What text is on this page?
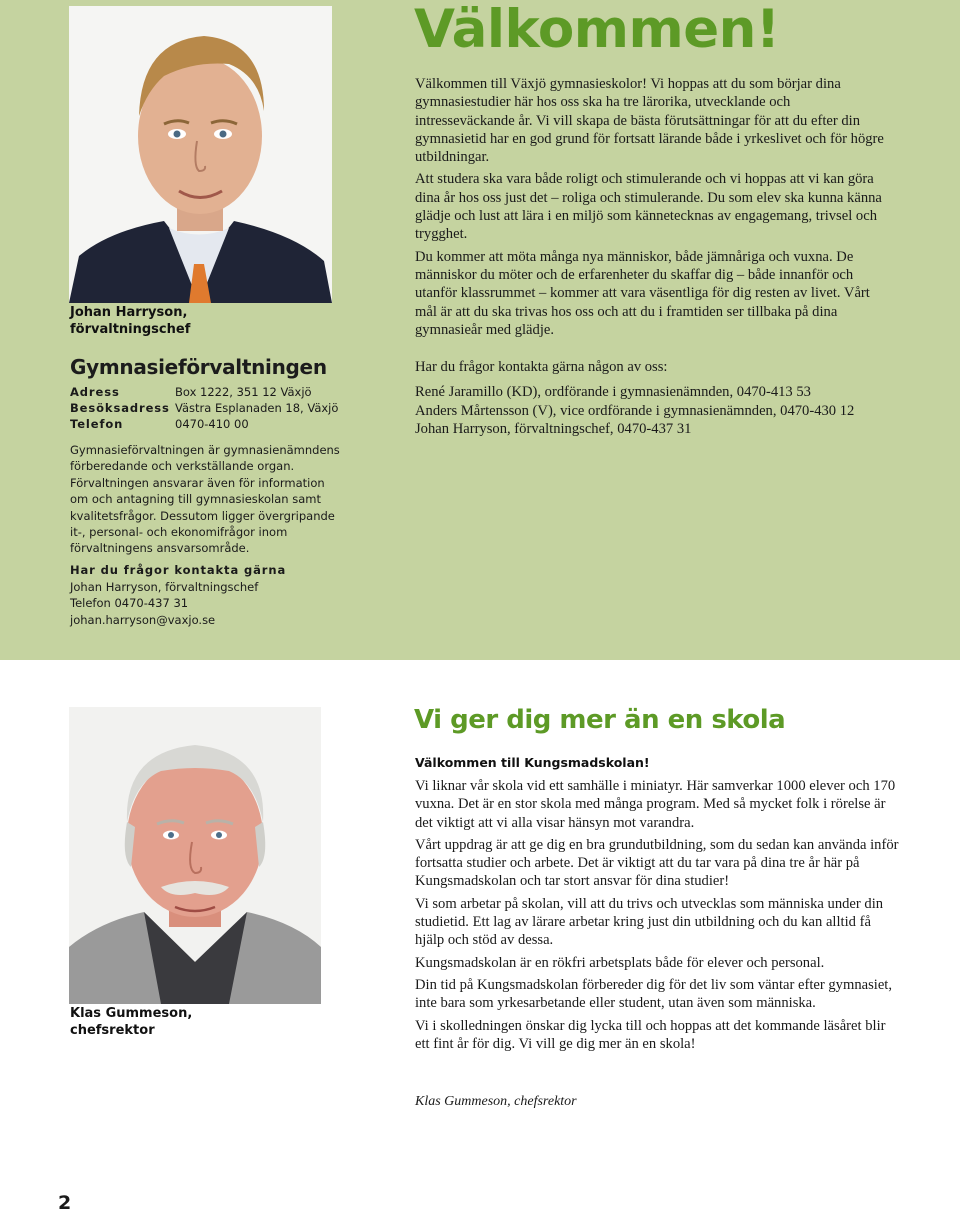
Johan Harryson,
förvaltningschef
Gymnasieförvaltningen
Adress	Box 1222, 351 12 Växjö
Besöksadress Västra Esplanaden 18, Växjö
Telefon	0470-410 00

Gymnasieförvaltningen är gymnasienämndens förberedande och verkställande organ. Förvaltningen ansvarar även för information om och antagning till gymnasieskolan samt kvalitetsfrågor. Dessutom ligger övergripande it-, personal- och ekonomifrågor inom förvaltningens ansvarsområde.

Har du frågor kontakta gärna
Johan Harryson, förvaltningschef
Telefon 0470-437 31
johan.harryson@vaxjo.se
Välkommen!

Välkommen till Växjö gymnasieskolor! Vi hoppas att du som börjar dina gymnasiestudier här hos oss ska ha tre lärorika, utvecklande och intresseväckande år. Vi vill skapa de bästa förutsättningar för att du efter din gymnasietid har en god grund för fortsatt lärande både i yrkeslivet och för högre utbildningar.

Att studera ska vara både roligt och stimulerande och vi hoppas att vi kan göra dina år hos oss just det – roliga och stimulerande. Du som elev ska kunna känna glädje och lust att lära i en miljö som kännetecknas av engagemang, trivsel och trygghet.

Du kommer att möta många nya människor, både jämnåriga och vuxna. De människor du möter och de erfarenheter du skaffar dig – både innanför och utanför klassrummet – kommer att vara väsentliga för dig resten av livet. Vårt mål är att du ska trivas hos oss och att du i framtiden ser tillbaka på dina gymnasieår med glädje.

Har du frågor kontakta gärna någon av oss:

René Jaramillo (KD), ordförande i gymnasienämnden, 0470-413 53

Anders Mårtensson (V), vice ordförande i gymnasienämnden, 0470-430 12

Johan Harryson, förvaltningschef, 0470-437 31

Klas Gummeson,
chefsrektor
Vi ger dig mer än en skola
Välkommen till Kungsmadskolan!

Vi liknar vår skola vid ett samhälle i miniatyr. Här samverkar 1000 elever och 170 vuxna. Det är en stor skola med många program. Med så mycket folk i rörelse är det viktigt att vi alla visar hänsyn mot varandra.

Vårt uppdrag är att ge dig en bra grundutbildning, som du sedan kan använda inför fortsatta studier och arbete. Det är viktigt att du tar vara på dina tre år här på Kungsmadskolan och tar stort ansvar för dina studier!

Vi som arbetar på skolan, vill att du trivs och utvecklas som människa under din studietid. Ett lag av lärare arbetar kring just din utbildning och du kan alltid få hjälp och stöd av dessa.

Kungsmadskolan är en rökfri arbetsplats både för elever och personal.

Din tid på Kungsmadskolan förbereder dig för det liv som väntar efter gymnasiet, inte bara som yrkesarbetande eller student, utan även som människa.

Vi i skolledningen önskar dig lycka till och hoppas att det kommande läsåret blir ett fint år för dig. Vi vill ge dig mer än en skola!

Klas Gummeson, chefsrektor
2
